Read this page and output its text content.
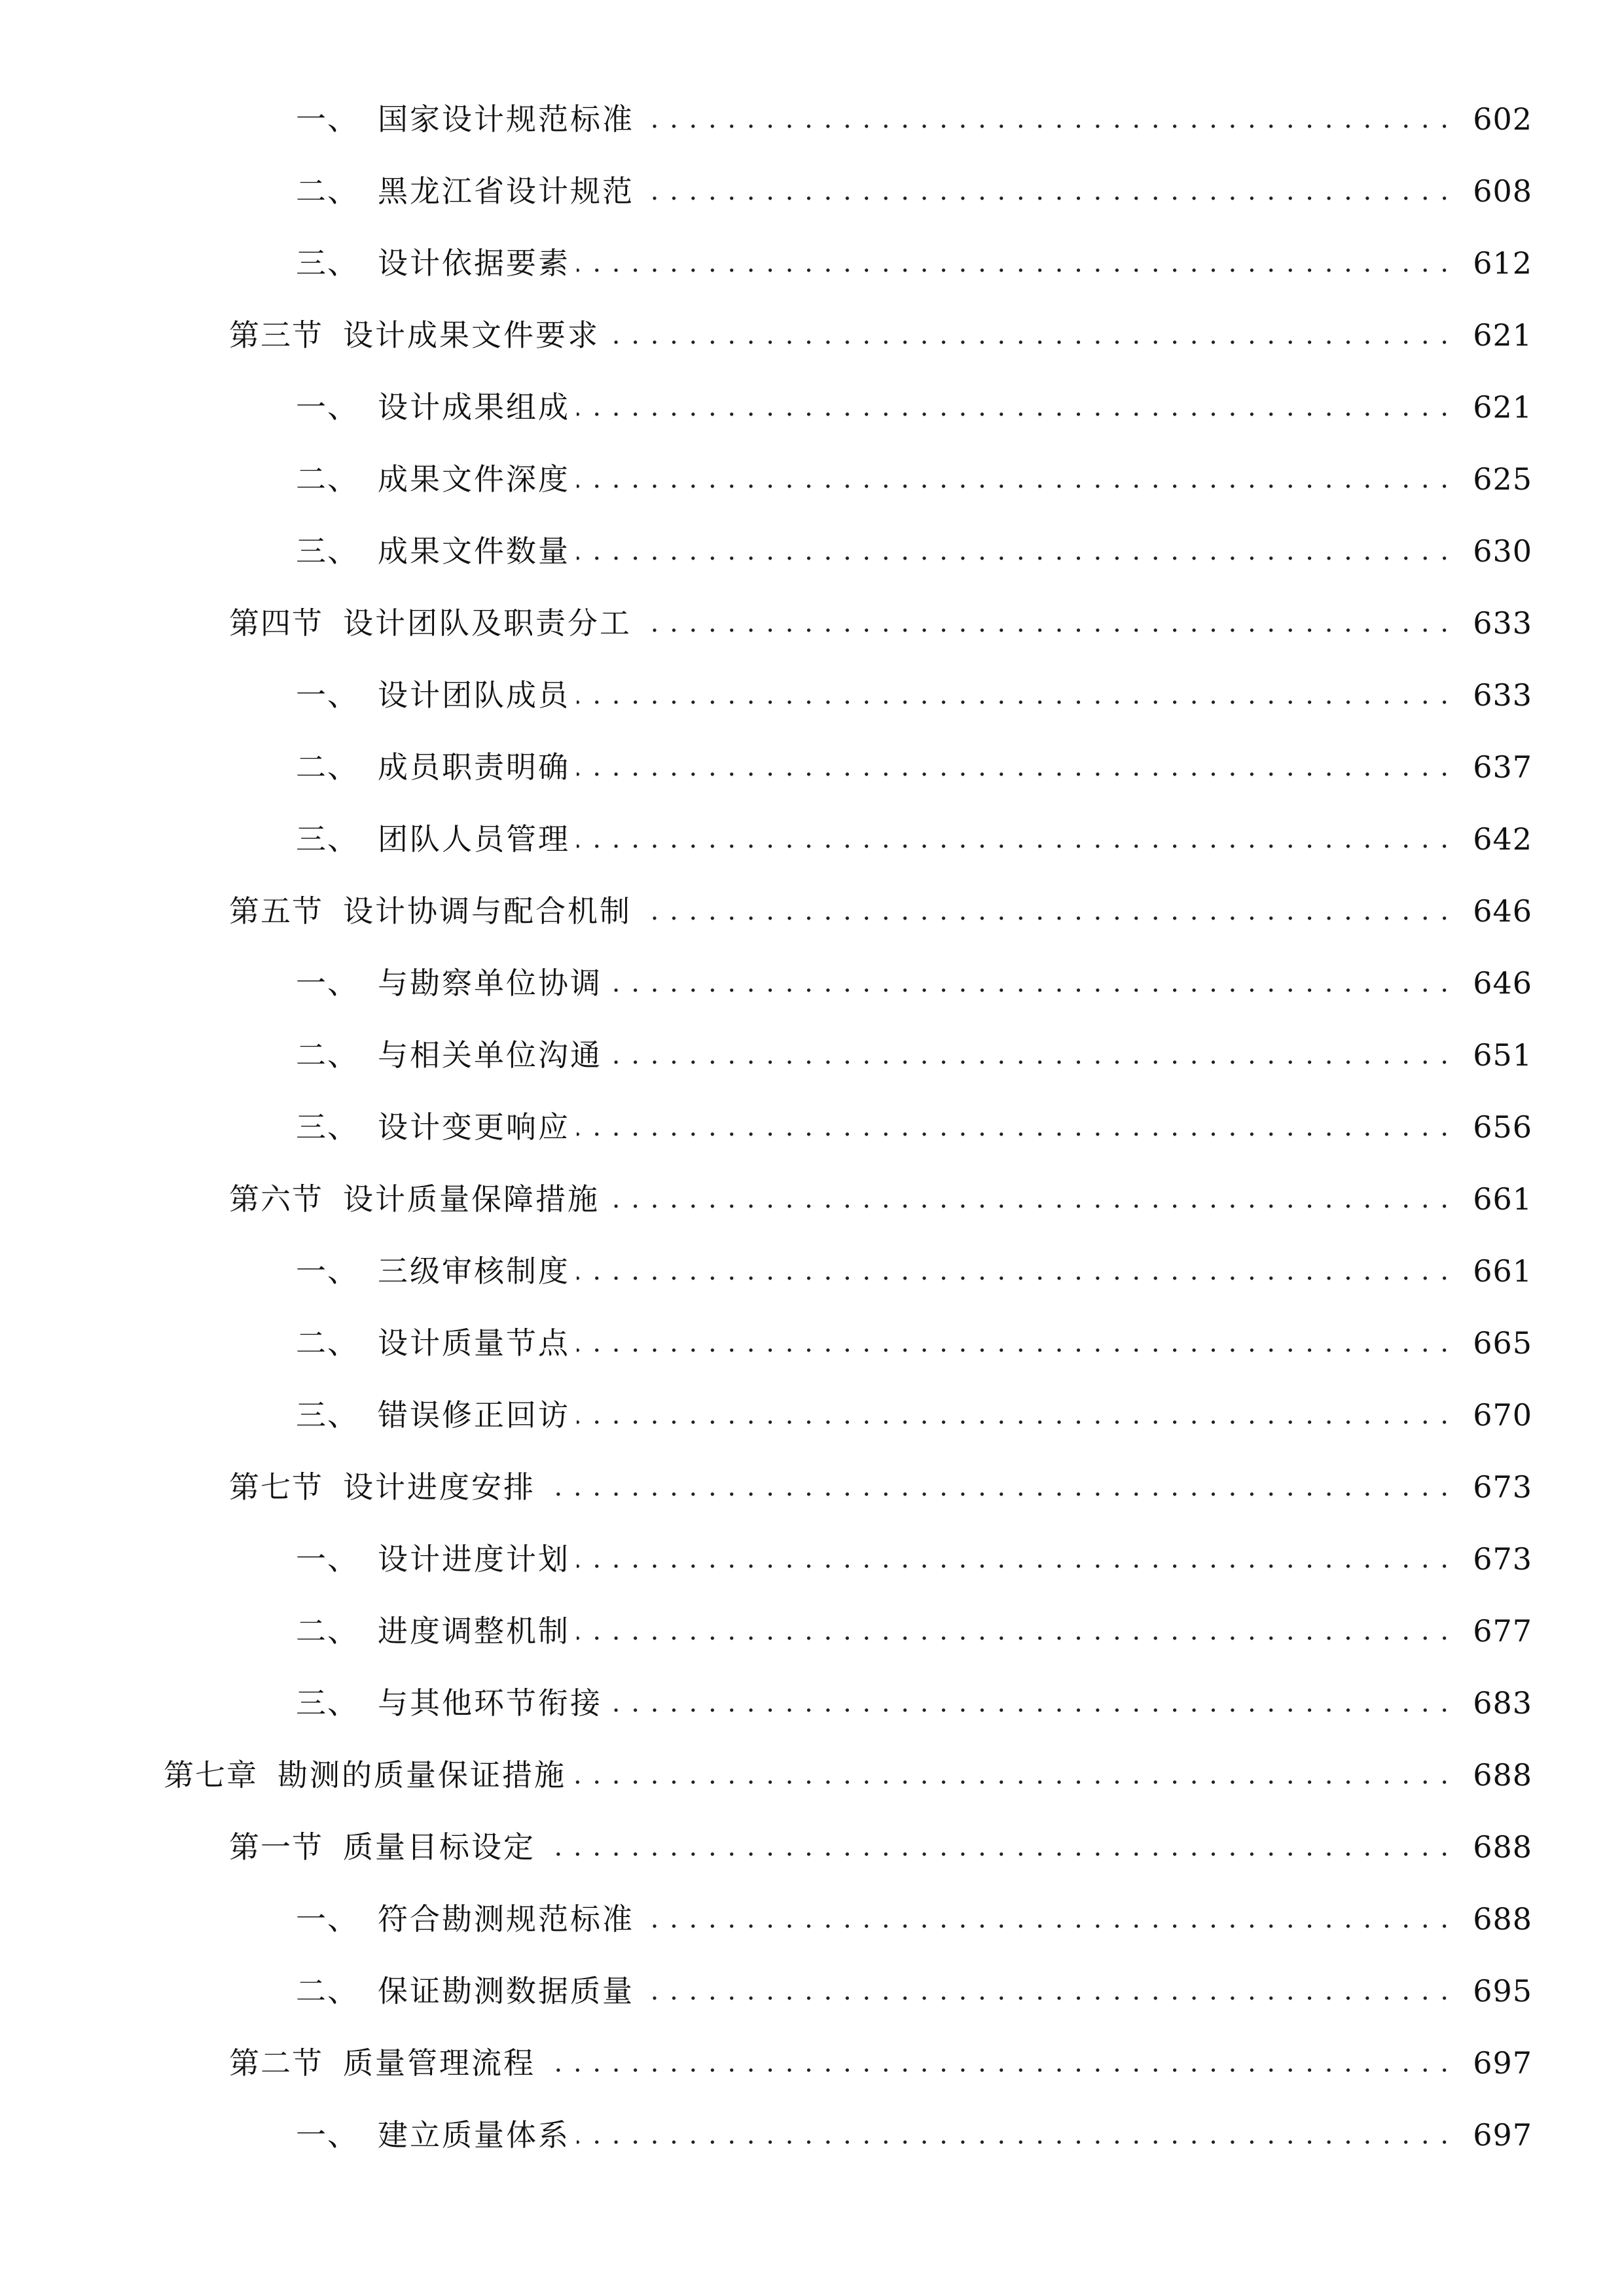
一、 国家设计规范标准 . . .	602
二、 黑龙江省设计规范 . . .	608
三、 设计依据要素 . . .	612
第三节 设计成果文件要求 . . .	621
一、 设计成果组成 . . .	621
二、 成果文件深度 . . .	625
三、 成果文件数量 . . .	630
第四节 设计团队及职责分工 . . .	633
一、 设计团队成员 . . .	633
二、 成员职责明确 . . .	637
三、 团队人员管理 . . .	642
第五节 设计协调与配合机制 . . .	646
一、 与勘察单位协调 . . .	646
二、 与相关单位沟通 . . .	651
三、 设计变更响应 . . .	656
第六节 设计质量保障措施 . . .	661
一、 三级审核制度 . . .	661
二、 设计质量节点 . . .	665
三、 错误修正回访 . . .	670
第七节 设计进度安排 . . .	673
一、 设计进度计划 . . .	673
二、 进度调整机制 . . .	677
三、 与其他环节衔接 . . .	683
第七章 勘测的质量保证措施 . . .	688
第一节 质量目标设定 . . .	688
一、 符合勘测规范标准 . . .	688
二、 保证勘测数据质量 . . .	695
第二节 质量管理流程 . . .	697
一、 建立质量体系 . . .	697
